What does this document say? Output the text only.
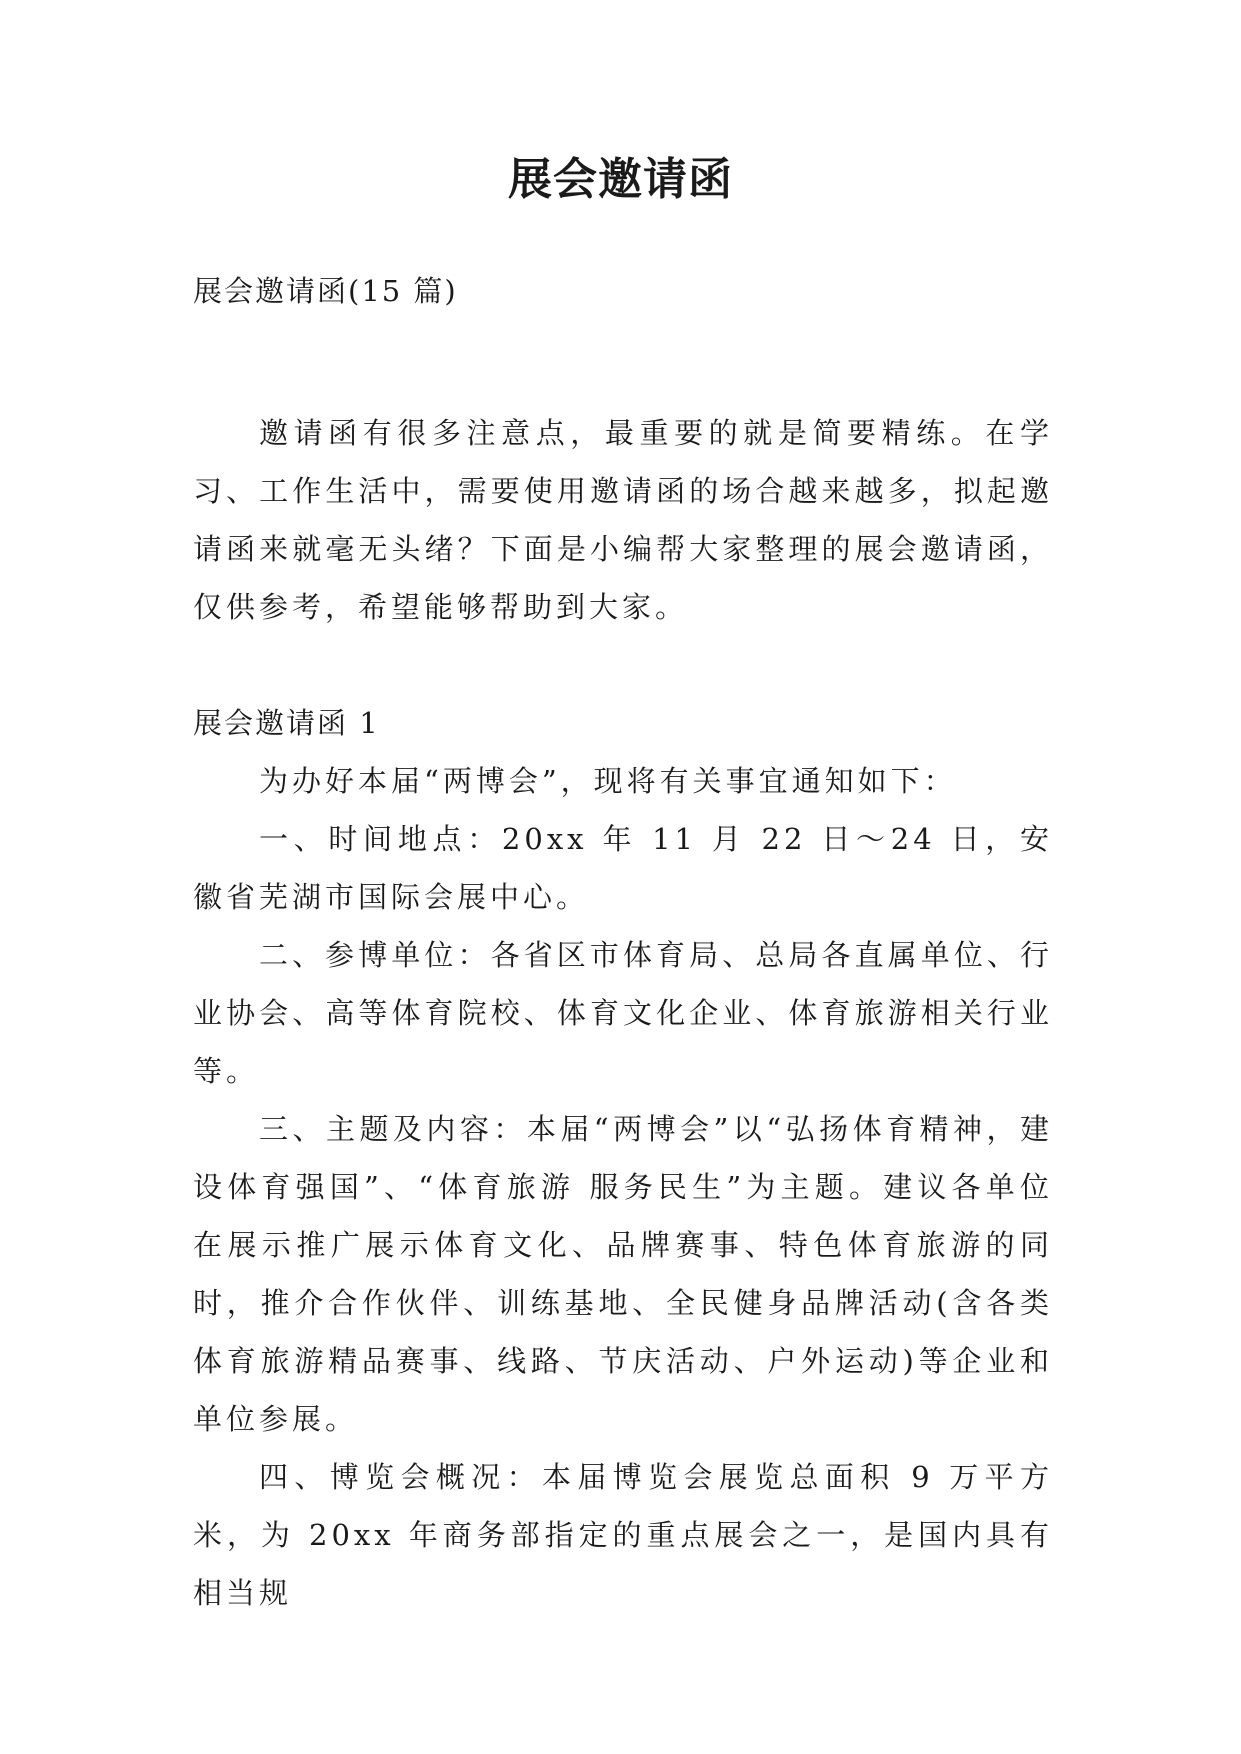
展会邀请函
展会邀请函(15 篇)

邀请函有很多注意点，最重要的就是简要精练。在学习、工作生活中，需要使用邀请函的场合越来越多，拟起邀请函来就毫无头绪？下面是小编帮大家整理的展会邀请函，仅供参考，希望能够帮助到大家。

展会邀请函 1

为办好本届“两博会”，现将有关事宜通知如下：

一、时间地点：20xx 年 11 月 22 日～24 日，安徽省芜湖市国际会展中心。

二、参博单位：各省区市体育局、总局各直属单位、行业协会、高等体育院校、体育文化企业、体育旅游相关行业等。

三、主题及内容：本届“两博会”以“弘扬体育精神，建设体育强国”、“体育旅游 服务民生”为主题。建议各单位在展示推广展示体育文化、品牌赛事、特色体育旅游的同时，推介合作伙伴、训练基地、全民健身品牌活动(含各类体育旅游精品赛事、线路、节庆活动、户外运动)等企业和单位参展。

四、博览会概况：本届博览会展览总面积 9 万平方米，为 20xx 年商务部指定的重点展会之一，是国内具有相当规
